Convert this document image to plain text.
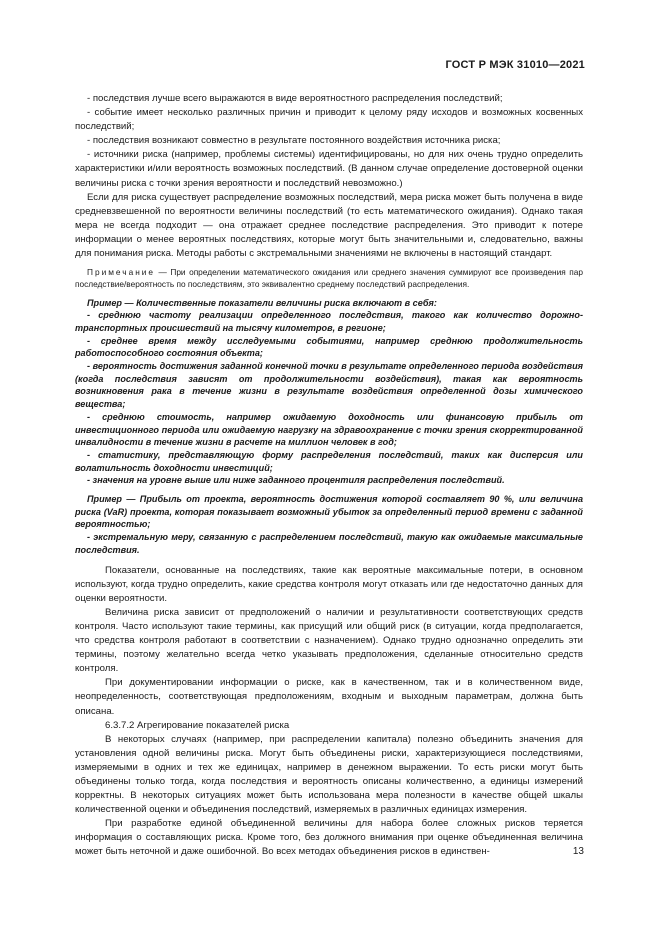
ГОСТ Р МЭК 31010—2021

- последствия лучше всего выражаются в виде вероятностного распределения последствий;

- событие имеет несколько различных причин и приводит к целому ряду исходов и возможных косвенных последствий;

- последствия возникают совместно в результате постоянного воздействия источника риска;

- источники риска (например, проблемы системы) идентифицированы, но для них очень трудно определить характеристики и/или вероятность возможных последствий. (В данном случае определение достоверной оценки величины риска с точки зрения вероятности и последствий невозможно.)

Если для риска существует распределение возможных последствий, мера риска может быть получена в виде средневзвешенной по вероятности величины последствий (то есть математического ожидания). Однако такая мера не всегда подходит — она отражает среднее последствие распределения. Это приводит к потере информации о менее вероятных последствиях, которые могут быть значительными и, следовательно, важны для понимания риска. Методы работы с экстремальными значениями не включены в настоящий стандарт.

Примечание — При определении математического ожидания или среднего значения суммируют все произведения пар последствие/вероятность по последствиям, это эквивалентно среднему последствий распределения.

Пример — Количественные показатели величины риска включают в себя:

- среднюю частоту реализации определенного последствия, такого как количество дорожно-транспортных происшествий на тысячу километров, в регионе;

- среднее время между исследуемыми событиями, например среднюю продолжительность работоспособного состояния объекта;

- вероятность достижения заданной конечной точки в результате определенного периода воздействия (когда последствия зависят от продолжительности воздействия), такая как вероятность возникновения рака в течение жизни в результате воздействия определенной дозы химического вещества;

- среднюю стоимость, например ожидаемую доходность или финансовую прибыль от инвестиционного периода или ожидаемую нагрузку на здравоохранение с точки зрения скорректированной инвалидности в течение жизни в расчете на миллион человек в год;

- статистику, представляющую форму распределения последствий, таких как дисперсия или волатильность доходности инвестиций;

- значения на уровне выше или ниже заданного процентиля распределения последствий.

Пример — Прибыль от проекта, вероятность достижения которой составляет 90 %, или величина риска (VaR) проекта, которая показывает возможный убыток за определенный период времени с заданной вероятностью;

- экстремальную меру, связанную с распределением последствий, такую как ожидаемые максимальные последствия.

Показатели, основанные на последствиях, такие как вероятные максимальные потери, в основном используют, когда трудно определить, какие средства контроля могут отказать или где недостаточно данных для оценки вероятности.

Величина риска зависит от предположений о наличии и результативности соответствующих средств контроля. Часто используют такие термины, как присущий или общий риск (в ситуации, когда предполагается, что средства контроля работают в соответствии с назначением). Однако трудно однозначно определить эти термины, поэтому желательно всегда четко указывать предположения, сделанные относительно средств контроля.

При документировании информации о риске, как в качественном, так и в количественном виде, неопределенность, соответствующая предположениям, входным и выходным параметрам, должна быть описана.

6.3.7.2 Агрегирование показателей риска

В некоторых случаях (например, при распределении капитала) полезно объединить значения для установления одной величины риска. Могут быть объединены риски, характеризующиеся последствиями, измеряемыми в одних и тех же единицах, например в денежном выражении. То есть риски могут быть объединены только тогда, когда последствия и вероятность описаны количественно, а единицы измерений корректны. В некоторых ситуациях может быть использована мера полезности в качестве общей шкалы количественной оценки и объединения последствий, измеряемых в различных единицах измерения.

При разработке единой объединенной величины для набора более сложных рисков теряется информация о составляющих риска. Кроме того, без должного внимания при оценке объединенная величина может быть неточной и даже ошибочной. Во всех методах объединения рисков в единствен-	13
